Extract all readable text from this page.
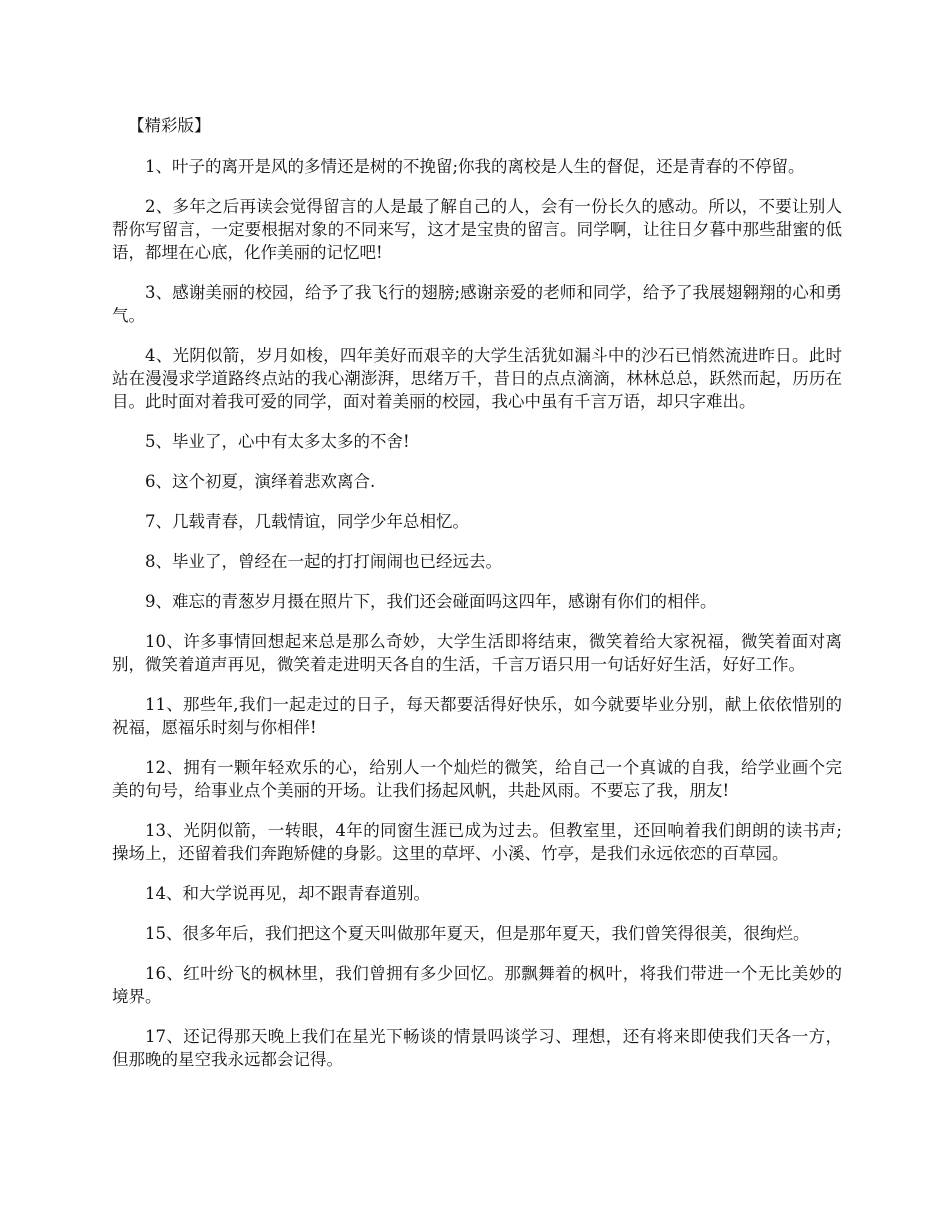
【精彩版】

1、叶子的离开是风的多情还是树的不挽留;你我的离校是人生的督促，还是青春的不停留。

2、多年之后再读会觉得留言的人是最了解自己的人，会有一份长久的感动。所以，不要让别人帮你写留言，一定要根据对象的不同来写，这才是宝贵的留言。同学啊，让往日夕暮中那些甜蜜的低语，都埋在心底，化作美丽的记忆吧!

3、感谢美丽的校园，给予了我飞行的翅膀;感谢亲爱的老师和同学，给予了我展翅翱翔的心和勇气。

4、光阴似箭，岁月如梭，四年美好而艰辛的大学生活犹如漏斗中的沙石已悄然流进昨日。此时站在漫漫求学道路终点站的我心潮澎湃，思绪万千，昔日的点点滴滴，林林总总，跃然而起，历历在目。此时面对着我可爱的同学，面对着美丽的校园，我心中虽有千言万语，却只字难出。

5、毕业了，心中有太多太多的不舍!

6、这个初夏，演绎着悲欢离合.

7、几载青春，几载情谊，同学少年总相忆。

8、毕业了，曾经在一起的打打闹闹也已经远去。

9、难忘的青葱岁月摄在照片下，我们还会碰面吗这四年，感谢有你们的相伴。

10、许多事情回想起来总是那么奇妙，大学生活即将结束，微笑着给大家祝福，微笑着面对离别，微笑着道声再见，微笑着走进明天各自的生活，千言万语只用一句话好好生活，好好工作。

11、那些年,我们一起走过的日子，每天都要活得好快乐，如今就要毕业分别，献上依依惜别的祝福，愿福乐时刻与你相伴!

12、拥有一颗年轻欢乐的心，给别人一个灿烂的微笑，给自己一个真诚的自我，给学业画个完美的句号，给事业点个美丽的开场。让我们扬起风帆，共赴风雨。不要忘了我，朋友!

13、光阴似箭，一转眼，4年的同窗生涯已成为过去。但教室里，还回响着我们朗朗的读书声;操场上，还留着我们奔跑矫健的身影。这里的草坪、小溪、竹亭，是我们永远依恋的百草园。

14、和大学说再见，却不跟青春道别。

15、很多年后，我们把这个夏天叫做那年夏天，但是那年夏天，我们曾笑得很美，很绚烂。

16、红叶纷飞的枫林里，我们曾拥有多少回忆。那飘舞着的枫叶，将我们带进一个无比美妙的境界。

17、还记得那天晚上我们在星光下畅谈的情景吗谈学习、理想，还有将来即使我们天各一方，但那晚的星空我永远都会记得。
